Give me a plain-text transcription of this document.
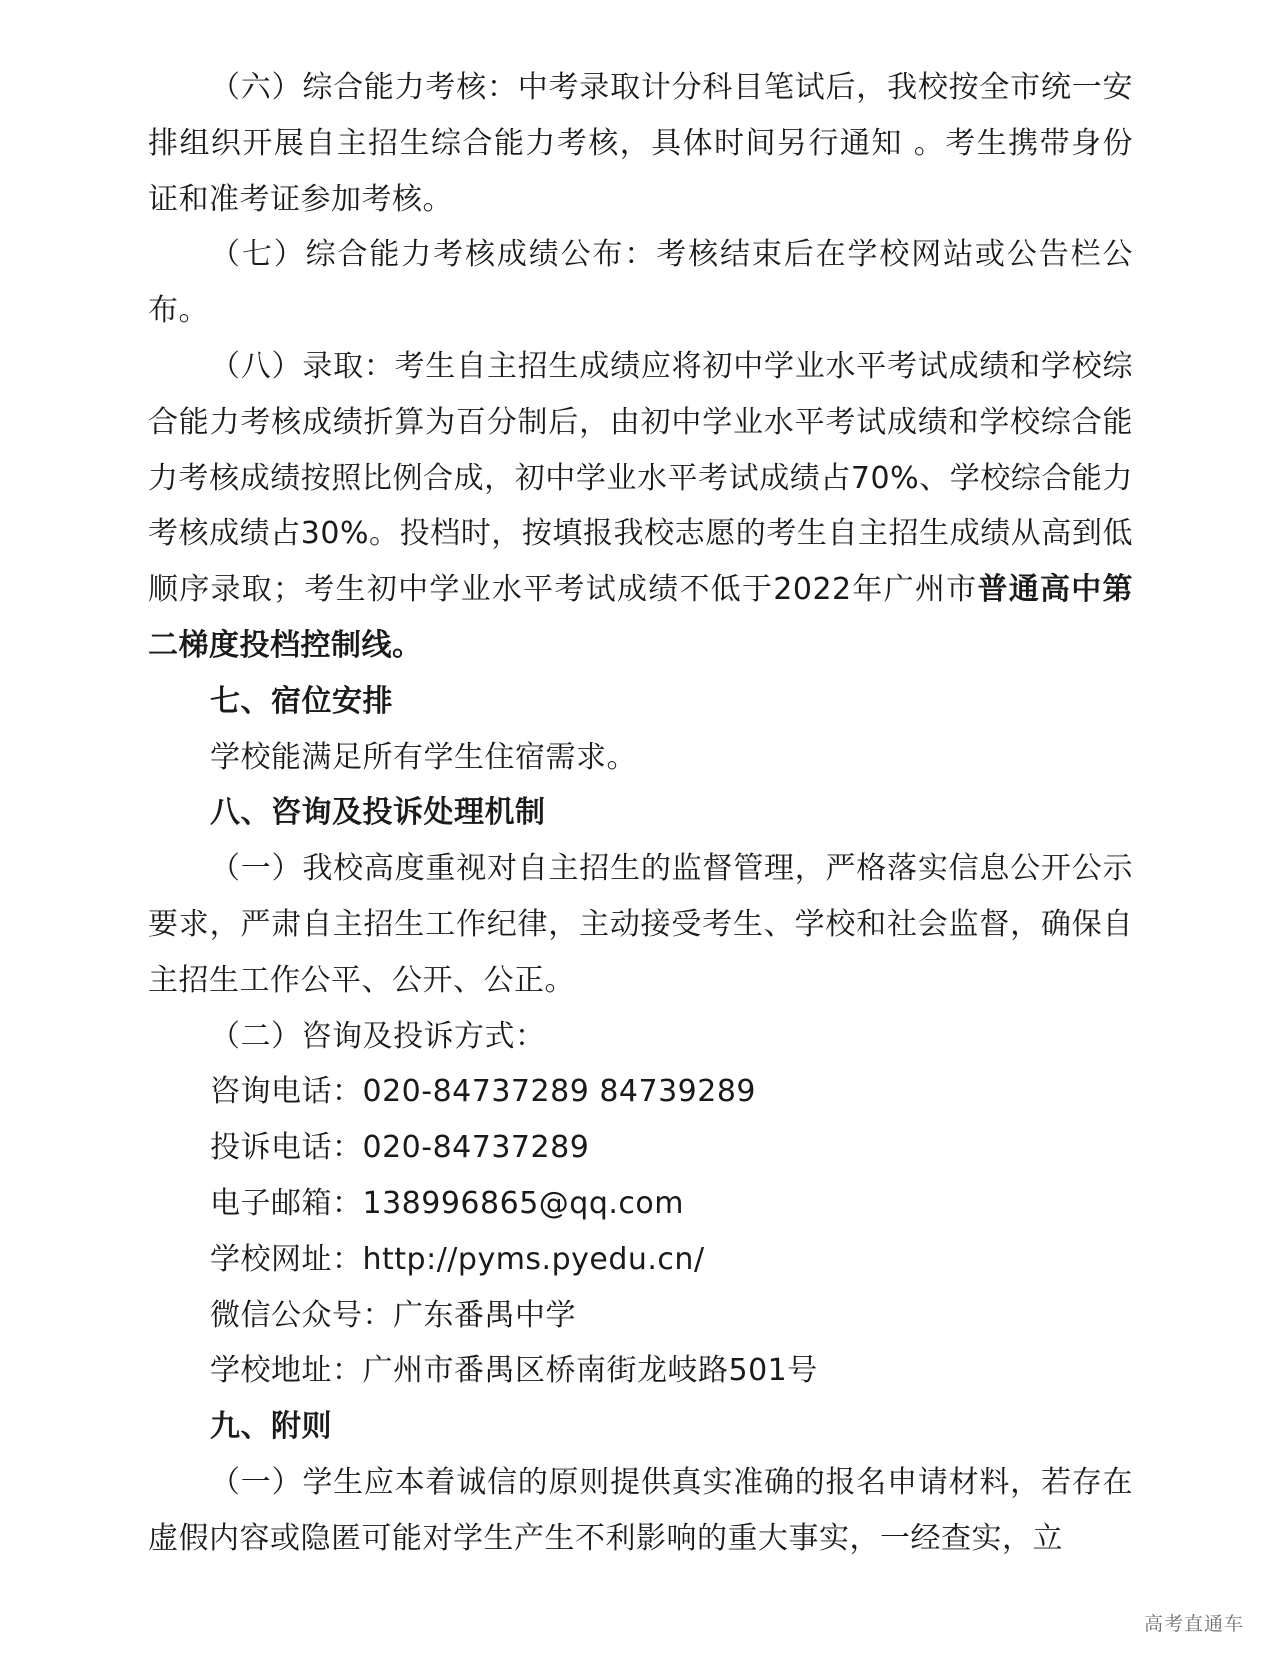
（六）综合能力考核：中考录取计分科目笔试后，我校按全市统一安排组织开展自主招生综合能力考核，具体时间另行通知 。考生携带身份证和准考证参加考核。

（七）综合能力考核成绩公布：考核结束后在学校网站或公告栏公布。

（八）录取：考生自主招生成绩应将初中学业水平考试成绩和学校综合能力考核成绩折算为百分制后，由初中学业水平考试成绩和学校综合能力考核成绩按照比例合成，初中学业水平考试成绩占70%、学校综合能力考核成绩占30%。投档时，按填报我校志愿的考生自主招生成绩从高到低顺序录取；考生初中学业水平考试成绩不低于2022年广州市普通高中第二梯度投档控制线。

七、宿位安排

学校能满足所有学生住宿需求。

八、咨询及投诉处理机制

（一）我校高度重视对自主招生的监督管理，严格落实信息公开公示要求，严肃自主招生工作纪律，主动接受考生、学校和社会监督，确保自主招生工作公平、公开、公正。

（二）咨询及投诉方式：

咨询电话：020-84737289 84739289

投诉电话：020-84737289

电子邮箱：138996865@qq.com

学校网址：http://pyms.pyedu.cn/

微信公众号：广东番禺中学

学校地址：广州市番禺区桥南街龙岐路501号

九、附则

（一）学生应本着诚信的原则提供真实准确的报名申请材料，若存在虚假内容或隐匿可能对学生产生不利影响的重大事实，一经查实，立

高考直通车
